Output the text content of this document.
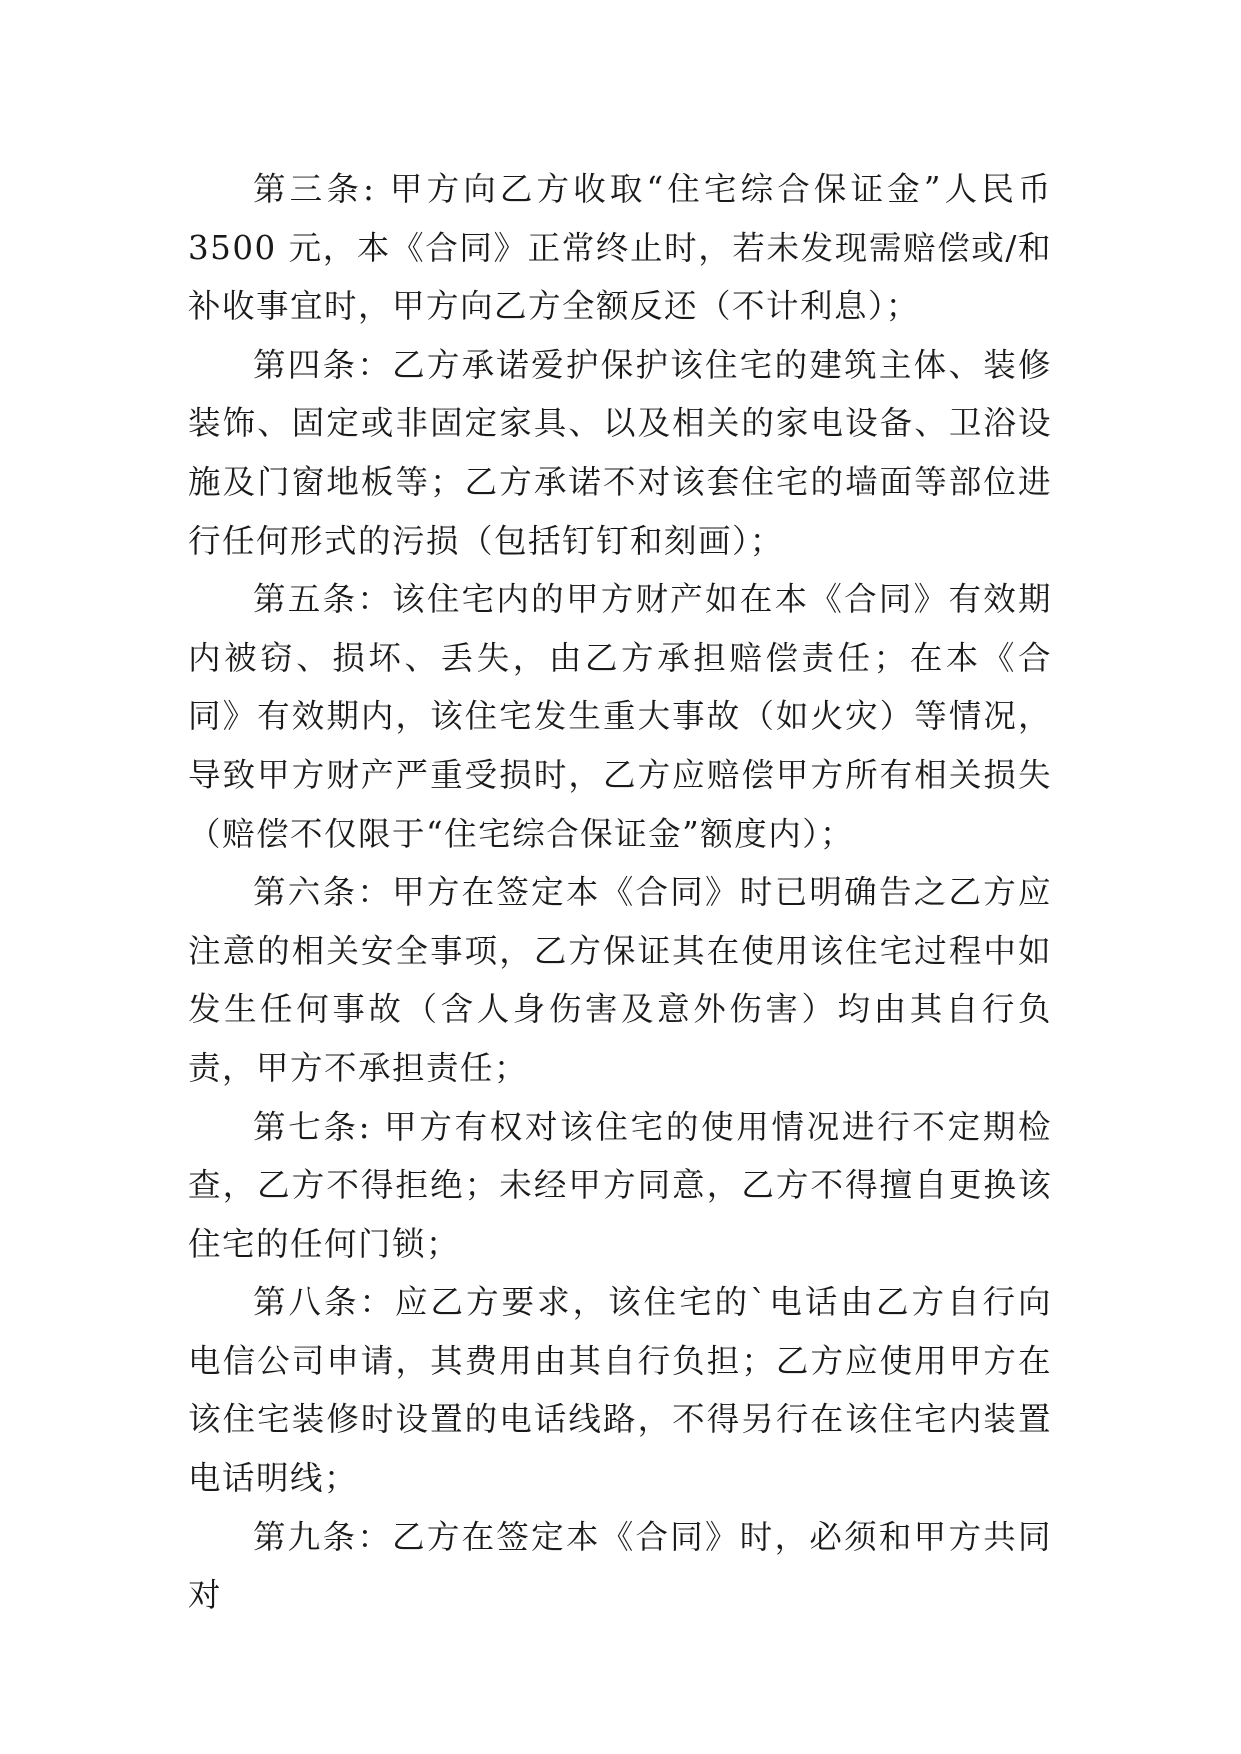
第三条: 甲方向乙方收取“住宅综合保证金”人民币 3500 元，本《合同》正常终止时，若未发现需赔偿或/和补收事宜时，甲方向乙方全额反还（不计利息）；

第四条：乙方承诺爱护保护该住宅的建筑主体、装修装饰、固定或非固定家具、以及相关的家电设备、卫浴设施及门窗地板等；乙方承诺不对该套住宅的墙面等部位进行任何形式的污损（包括钉钉和刻画）；

第五条：该住宅内的甲方财产如在本《合同》有效期内被窃、损坏、丢失，由乙方承担赔偿责任；在本《合同》有效期内，该住宅发生重大事故（如火灾）等情况，导致甲方财产严重受损时，乙方应赔偿甲方所有相关损失（赔偿不仅限于“住宅综合保证金”额度内）；

第六条：甲方在签定本《合同》时已明确告之乙方应注意的相关安全事项，乙方保证其在使用该住宅过程中如发生任何事故（含人身伤害及意外伤害）均由其自行负责，甲方不承担责任；

第七条: 甲方有权对该住宅的使用情况进行不定期检查，乙方不得拒绝；未经甲方同意，乙方不得擅自更换该住宅的任何门锁；

第八条：应乙方要求，该住宅的`电话由乙方自行向电信公司申请，其费用由其自行负担；乙方应使用甲方在该住宅装修时设置的电话线路，不得另行在该住宅内装置电话明线；

第九条：乙方在签定本《合同》时，必须和甲方共同对
